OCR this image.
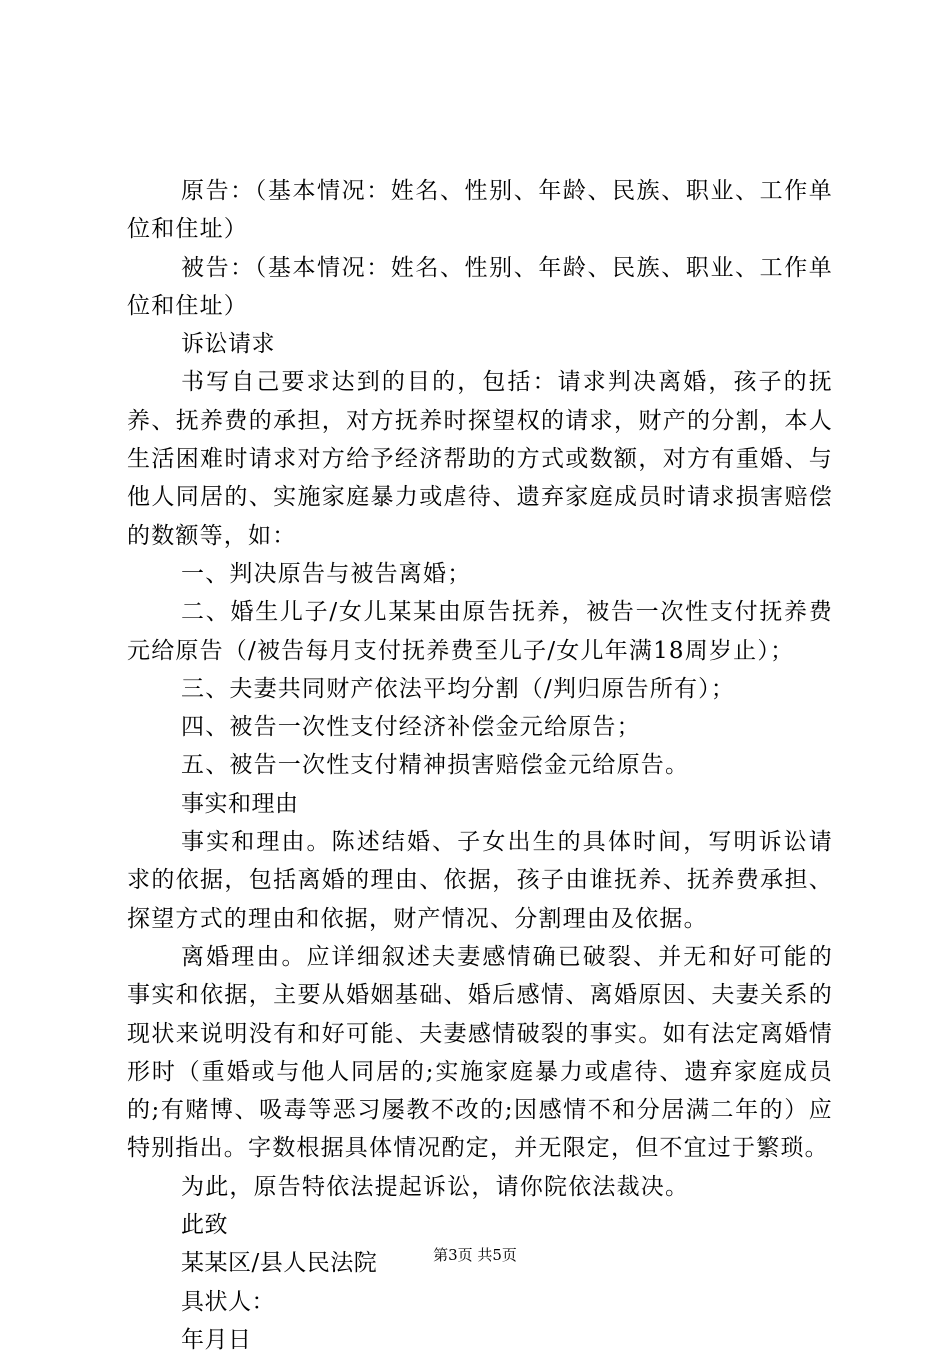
原告：（基本情况：姓名、性别、年龄、民族、职业、工作单位和住址）

被告：（基本情况：姓名、性别、年龄、民族、职业、工作单位和住址）

诉讼请求

书写自己要求达到的目的，包括：请求判决离婚，孩子的抚养、抚养费的承担，对方抚养时探望权的请求，财产的分割，本人生活困难时请求对方给予经济帮助的方式或数额，对方有重婚、与他人同居的、实施家庭暴力或虐待、遗弃家庭成员时请求损害赔偿的数额等，如：

一、判决原告与被告离婚；

二、婚生儿子/女儿某某由原告抚养，被告一次性支付抚养费元给原告（/被告每月支付抚养费至儿子/女儿年满18周岁止）；

三、夫妻共同财产依法平均分割（/判归原告所有）；

四、被告一次性支付经济补偿金元给原告；

五、被告一次性支付精神损害赔偿金元给原告。

事实和理由

事实和理由。陈述结婚、子女出生的具体时间，写明诉讼请求的依据，包括离婚的理由、依据，孩子由谁抚养、抚养费承担、探望方式的理由和依据，财产情况、分割理由及依据。

离婚理由。应详细叙述夫妻感情确已破裂、并无和好可能的事实和依据，主要从婚姻基础、婚后感情、离婚原因、夫妻关系的现状来说明没有和好可能、夫妻感情破裂的事实。如有法定离婚情形时（重婚或与他人同居的;实施家庭暴力或虐待、遗弃家庭成员的;有赌博、吸毒等恶习屡教不改的;因感情不和分居满二年的）应特别指出。字数根据具体情况酌定，并无限定，但不宜过于繁琐。

为此，原告特依法提起诉讼，请你院依法裁决。

此致

某某区/县人民法院

具状人：

年月日

第3页 共5页
